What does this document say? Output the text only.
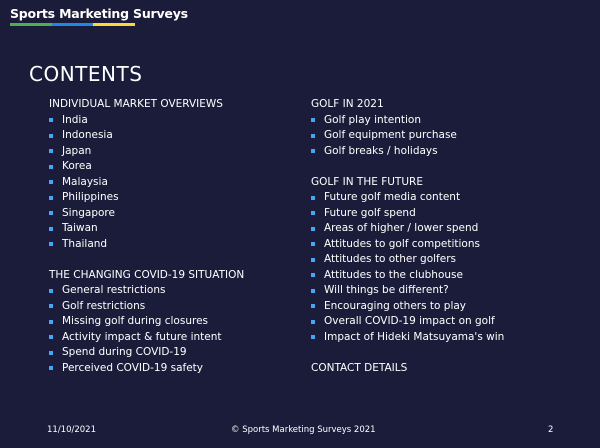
Sports Marketing Surveys
CONTENTS
INDIVIDUAL MARKET OVERVIEWS
India
Indonesia
Japan
Korea
Malaysia
Philippines
Singapore
Taiwan
Thailand
THE CHANGING COVID-19 SITUATION
General restrictions
Golf restrictions
Missing golf during closures
Activity impact & future intent
Spend during COVID-19
Perceived COVID-19 safety
GOLF IN 2021
Golf play intention
Golf equipment purchase
Golf breaks / holidays
GOLF IN THE FUTURE
Future golf media content
Future golf spend
Areas of higher / lower spend
Attitudes to golf competitions
Attitudes to other golfers
Attitudes to the clubhouse
Will things be different?
Encouraging others to play
Overall COVID-19 impact on golf
Impact of Hideki Matsuyama's win
CONTACT DETAILS
11/10/2021	© Sports Marketing Surveys 2021	2
